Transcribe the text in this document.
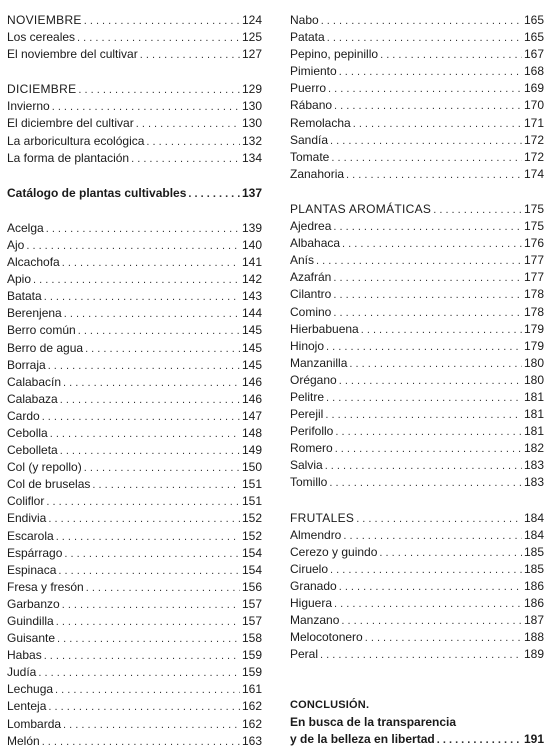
NOVIEMBRE . . .	124
Los cereales . . .	125
El noviembre del cultivar . . .	127
DICIEMBRE . . .	129
Invierno . . .	130
El diciembre del cultivar . . .	130
La arboricultura ecológica . . .	132
La forma de plantación . . .	134
Catálogo de plantas cultivables . . .	137
Acelga . . .	139
Ajo . . .	140
Alcachofa . . .	141
Apio . . .	142
Batata . . .	143
Berenjena . . .	144
Berro común . . .	145
Berro de agua . . .	145
Borraja . . .	145
Calabacín . . .	146
Calabaza . . .	146
Cardo . . .	147
Cebolla . . .	148
Cebolleta . . .	149
Col (y repollo) . . .	150
Col de bruselas . . .	151
Coliflor . . .	151
Endivia . . .	152
Escarola . . .	152
Espárrago . . .	154
Espinaca . . .	154
Fresa y fresón . . .	156
Garbanzo . . .	157
Guindilla . . .	157
Guisante . . .	158
Habas . . .	159
Judía . . .	159
Lechuga . . .	161
Lenteja . . .	162
Lombarda . . .	162
Melón . . .	163
Nabo . . .	165
Patata . . .	165
Pepino, pepinillo . . .	167
Pimiento . . .	168
Puerro . . .	169
Rábano . . .	170
Remolacha . . .	171
Sandía . . .	172
Tomate . . .	172
Zanahoria . . .	174
PLANTAS AROMÁTICAS . . .	175
Ajedrea . . .	175
Albahaca . . .	176
Anís . . .	177
Azafrán . . .	177
Cilantro . . .	178
Comino . . .	178
Hierbabuena . . .	179
Hinojo . . .	179
Manzanilla . . .	180
Orégano . . .	180
Pelitre . . .	181
Perejil . . .	181
Perifollo . . .	181
Romero . . .	182
Salvia . . .	183
Tomillo . . .	183
FRUTALES . . .	184
Almendro . . .	184
Cerezo y guindo . . .	185
Ciruelo . . .	185
Granado . . .	186
Higuera . . .	186
Manzano . . .	187
Melocotonero . . .	188
Peral . . .	189
CONCLUSIÓN.
En busca de la transparencia
y de la belleza en libertad . . .	191
